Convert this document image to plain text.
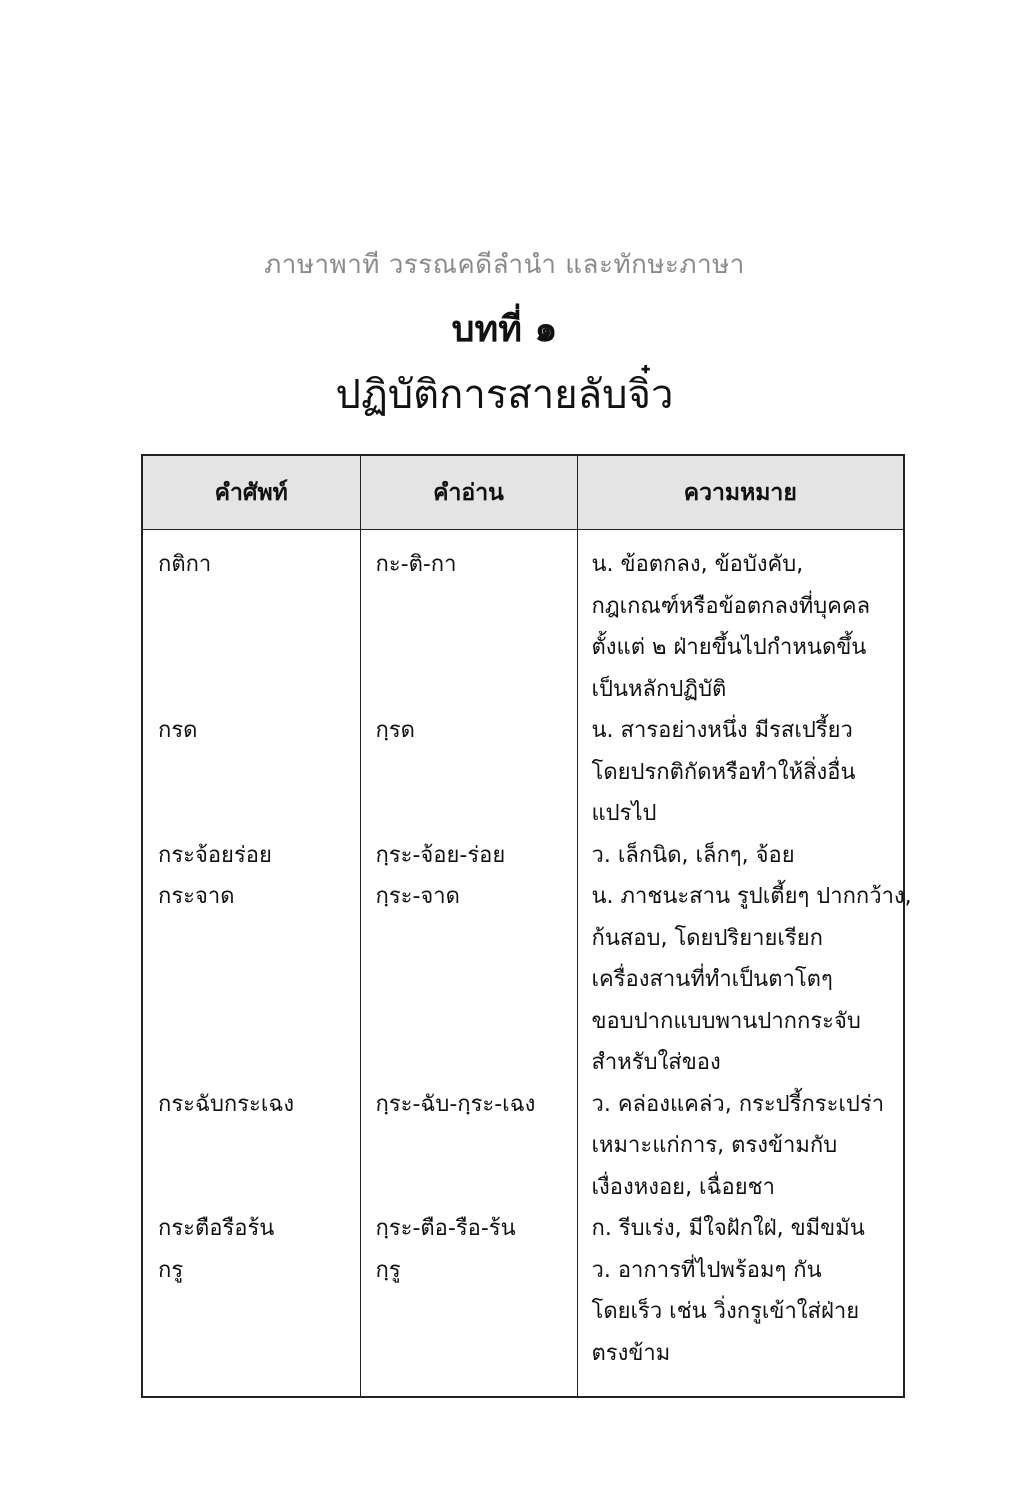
ภาษาพาที วรรณคดีลำนำ และทักษะภาษา
บทที่ ๑
ปฏิบัติการสายลับจิ๋ว
คำศัพท์	คำอ่าน	ความหมาย
กติกา	กะ-ติ-กา	น. ข้อตกลง, ข้อบังคับ,
กฎเกณฑ์หรือข้อตกลงที่บุคคล
ตั้งแต่ ๒ ฝ่ายขึ้นไปกำหนดขึ้น
เป็นหลักปฏิบัติ

กรด	กฺรด	น. สารอย่างหนึ่ง มีรสเปรี้ยว
โดยปรกติกัดหรือทำให้สิ่งอื่น
แปรไป

กระจ้อยร่อย	กฺระ-จ้อย-ร่อย	ว. เล็กนิด, เล็กๆ, จ้อย

กระจาด	กฺระ-จาด	น. ภาชนะสาน รูปเตี้ยๆ ปากกว้าง,
ก้นสอบ, โดยปริยายเรียก
เครื่องสานที่ทำเป็นตาโตๆ
ขอบปากแบบพานปากกระจับ
สำหรับใส่ของ

กระฉับกระเฉง	กฺระ-ฉับ-กฺระ-เฉง	ว. คล่องแคล่ว, กระปรี้กระเปร่า
เหมาะแก่การ, ตรงข้ามกับ
เงื่องหงอย, เฉื่อยชา

กระตือรือร้น	กฺระ-ตือ-รือ-ร้น	ก. รีบเร่ง, มีใจฝักใฝ่, ขมีขมัน

กรู	กฺรู	ว. อาการที่ไปพร้อมๆ กัน
โดยเร็ว เช่น วิ่งกรูเข้าใส่ฝ่าย
ตรงข้าม
